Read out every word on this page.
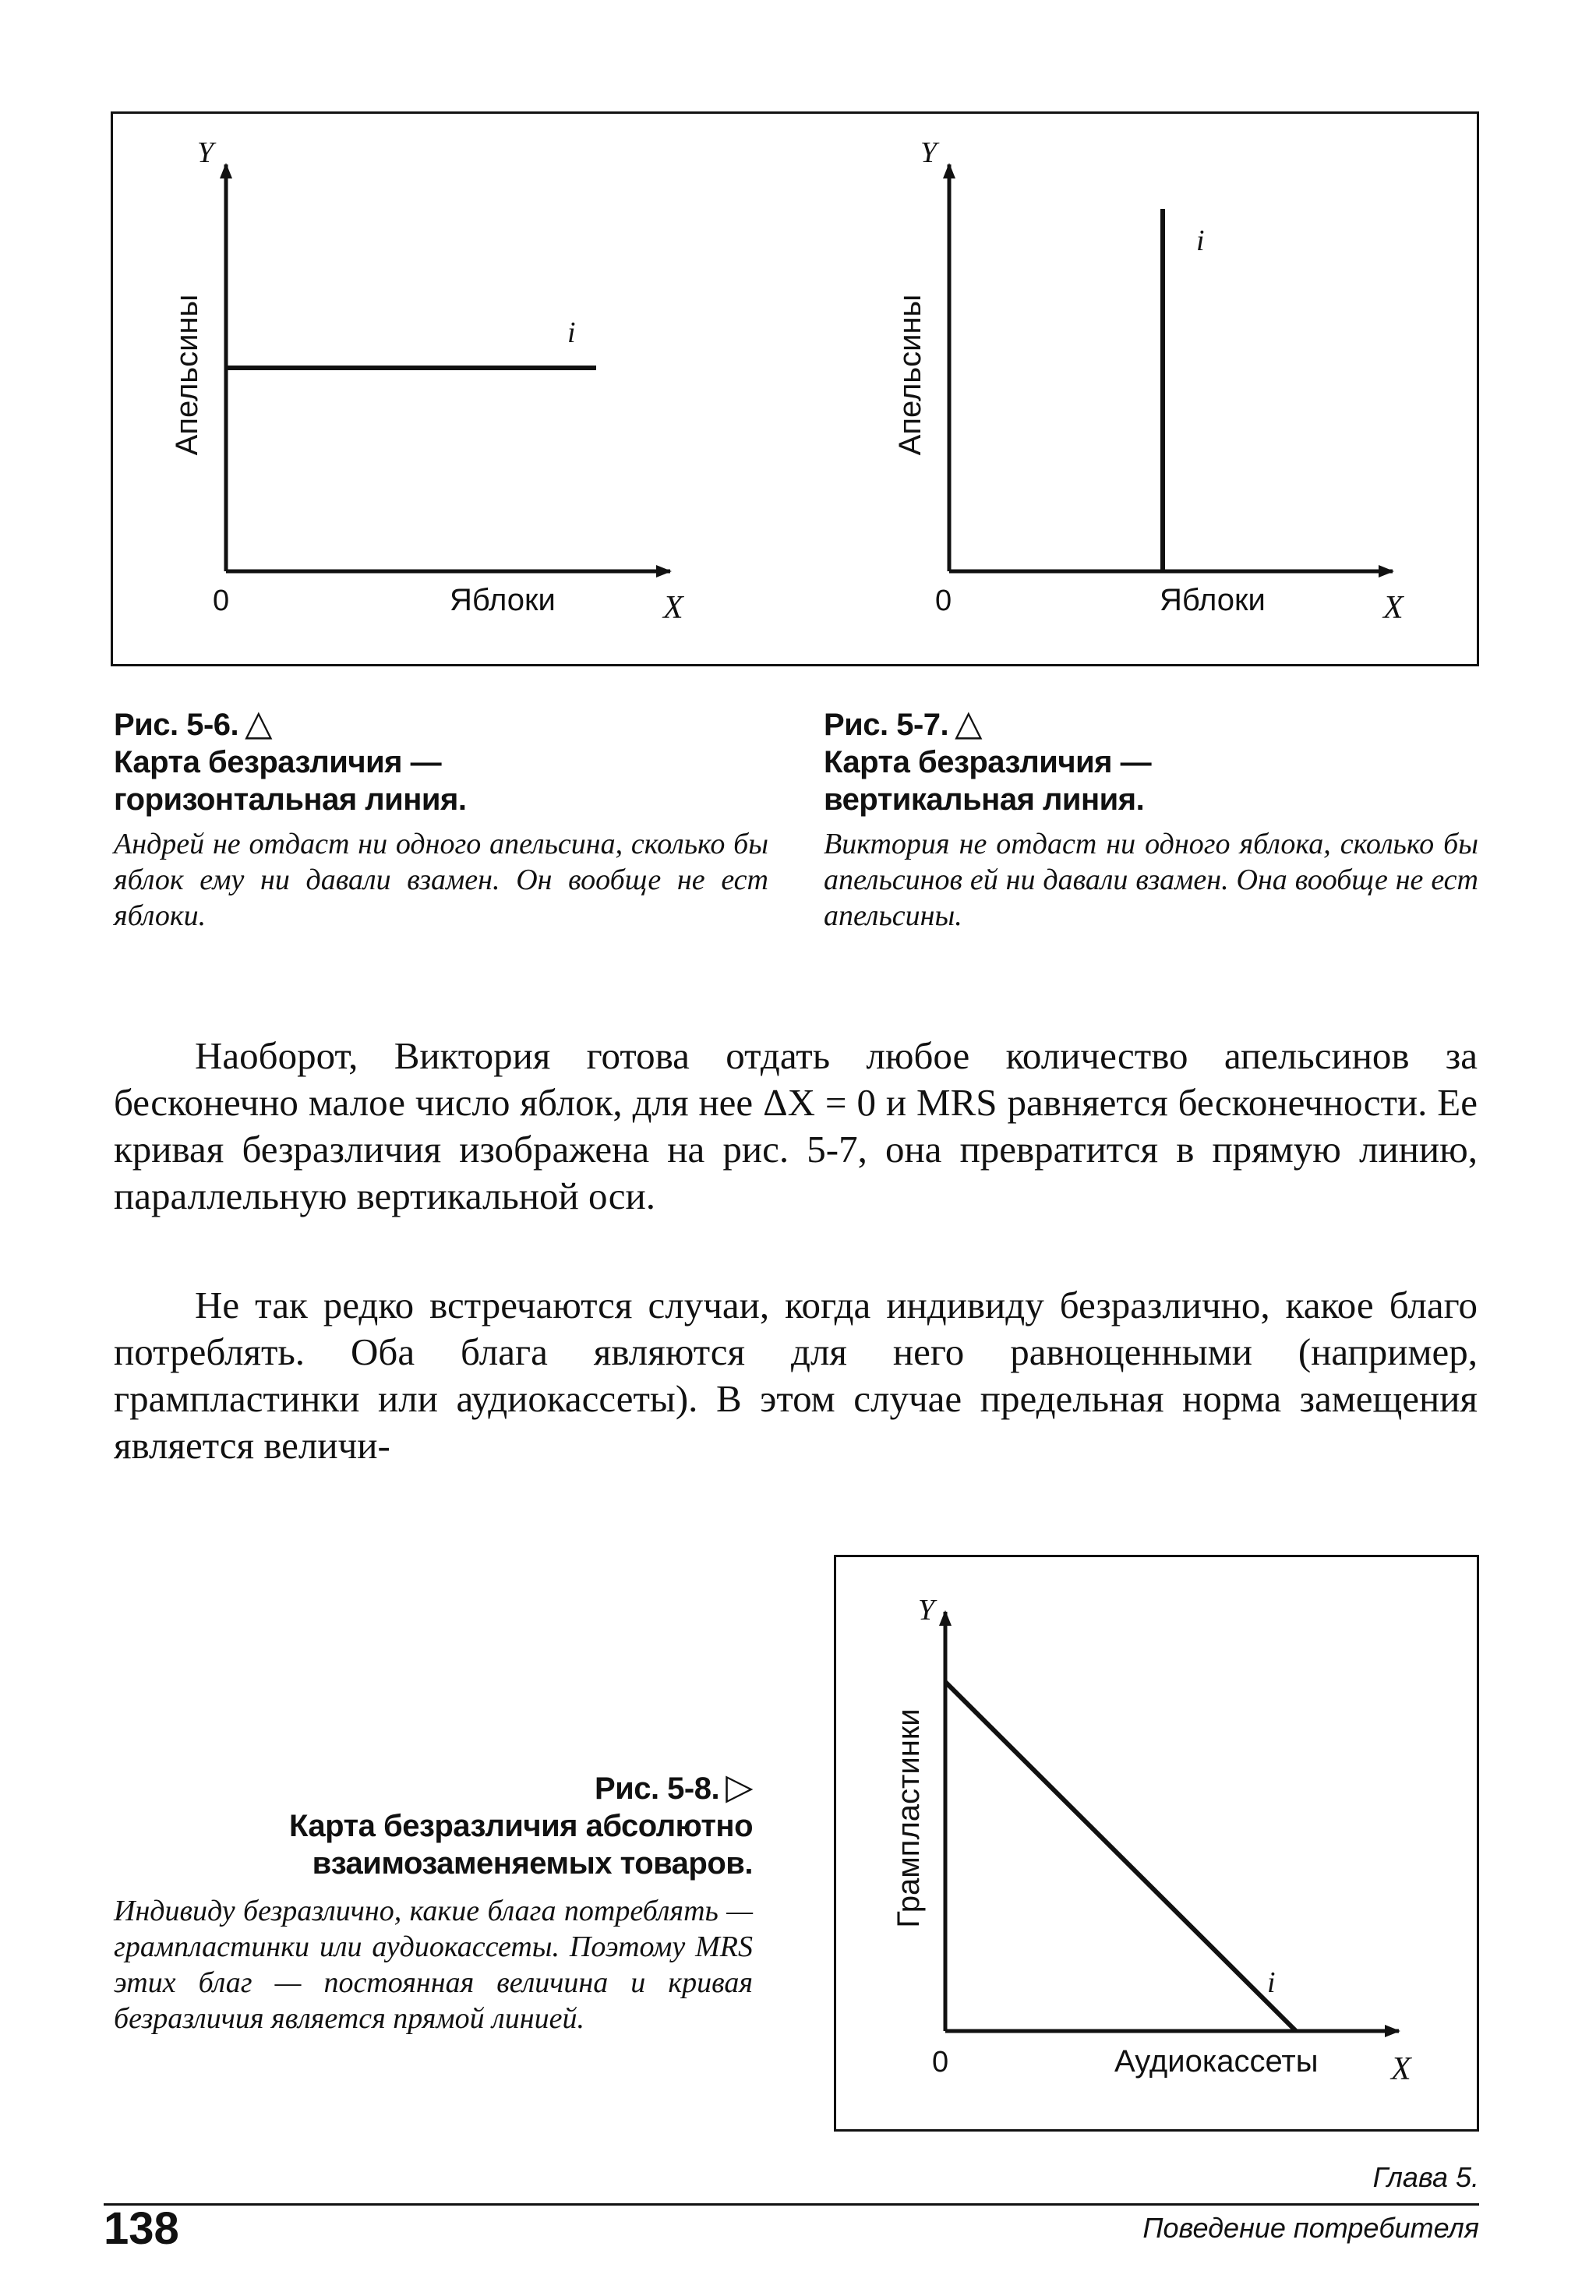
Y
X
0	Яблоки
i
Апельсины
Y
X
0	Яблоки
i
Апельсины
Рис. 5-6. △
Карта безразличия — горизонтальная линия.
Андрей не отдаст ни одного апельсина, сколько бы яблок ему ни давали взамен. Он вообще не ест яблоки.
Рис. 5-7. △
Карта безразличия — вертикальная линия.
Виктория не отдаст ни одного яблока, сколько бы апельсинов ей ни давали взамен. Она вообще не ест апельсины.
Наоборот, Виктория готова отдать любое количество апельсинов за бесконечно малое число яблок, для нее ΔX = 0 и MRS равняется бесконечности. Ее кривая безразличия изображена на рис. 5-7, она превратится в прямую линию, параллельную вертикальной оси.
Не так редко встречаются случаи, когда индивиду безразлично, какое благо потреблять. Оба блага являются для него равноценными (например, грампластинки или аудиокассеты). В этом случае предельная норма замещения является величи-
Рис. 5-8. ▷
Карта безразличия абсолютно взаимозаменяемых товаров.
Индивиду безразлично, какие блага потреблять — грампластинки или аудиокассеты. Поэтому MRS этих благ — постоянная величина и кривая безразличия является прямой линией.
Y
X
0	Аудиокассеты
i
Грампластинки
Глава 5.
138	Поведение потребителя
